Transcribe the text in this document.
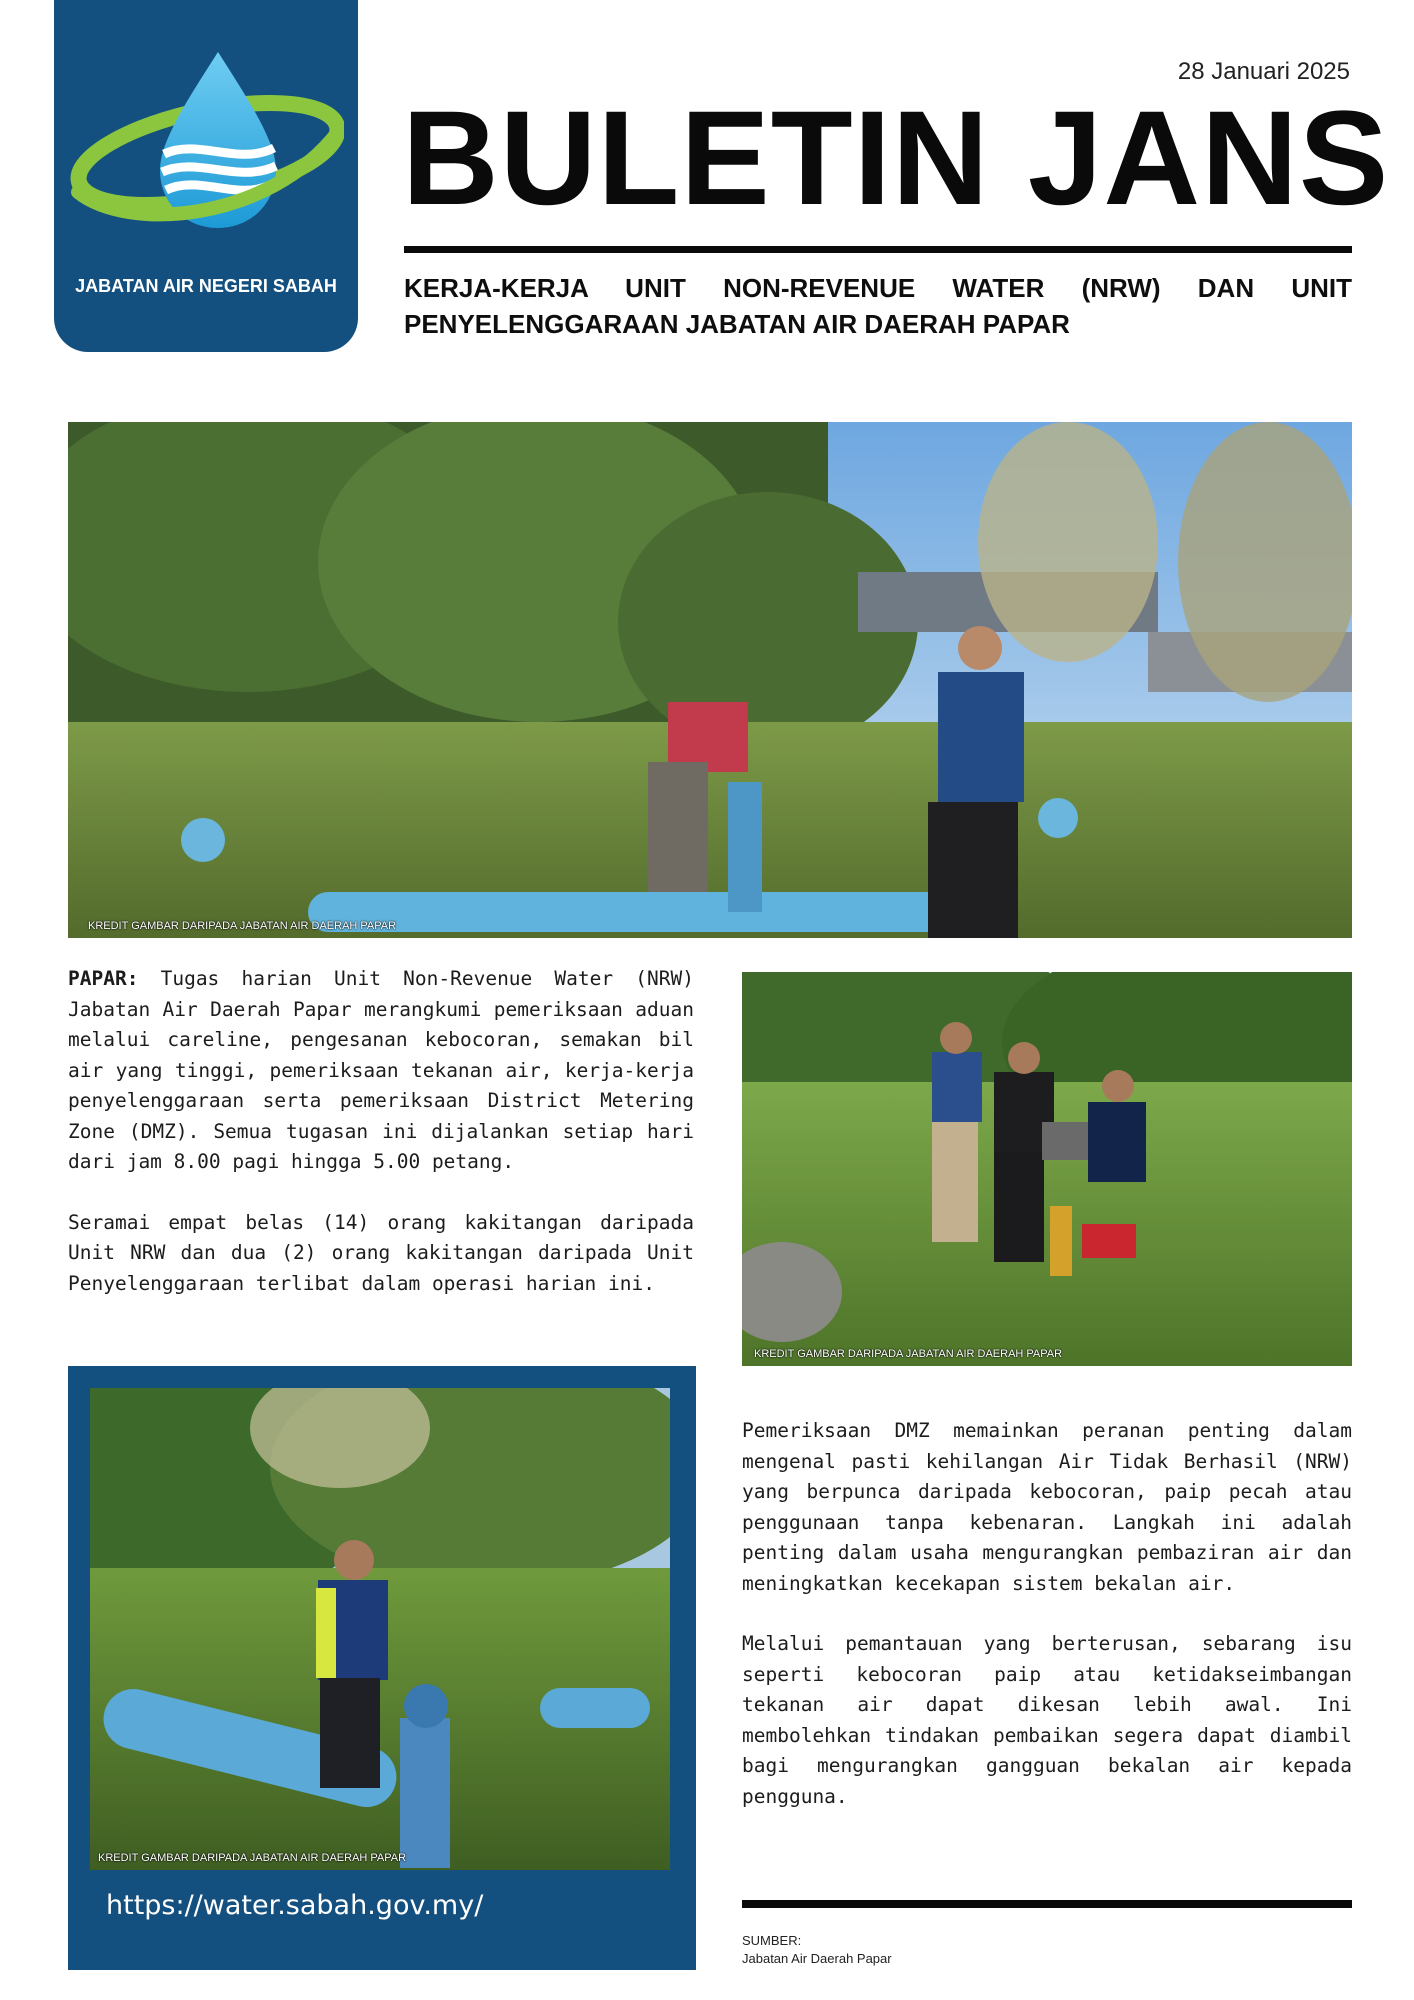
JABATAN AIR NEGERI SABAH
28 Januari 2025
BULETIN JANS
KERJA-KERJA UNIT NON-REVENUE WATER (NRW) DAN UNIT PENYELENGGARAAN JABATAN AIR DAERAH PAPAR
KREDIT GAMBAR DARIPADA JABATAN AIR DAERAH PAPAR

PAPAR: Tugas harian Unit Non-Revenue Water (NRW) Jabatan Air Daerah Papar merangkumi pemeriksaan aduan melalui careline, pengesanan kebocoran, semakan bil air yang tinggi, pemeriksaan tekanan air, kerja-kerja penyelenggaraan serta pemeriksaan District Metering Zone (DMZ). Semua tugasan ini dijalankan setiap hari dari jam 8.00 pagi hingga 5.00 petang.

Seramai empat belas (14) orang kakitangan daripada Unit NRW dan dua (2) orang kakitangan daripada Unit Penyelenggaraan terlibat dalam operasi harian ini.

KREDIT GAMBAR DARIPADA JABATAN AIR DAERAH PAPAR
KREDIT GAMBAR DARIPADA JABATAN AIR DAERAH PAPAR
https://water.sabah.gov.my/

Pemeriksaan DMZ memainkan peranan penting dalam mengenal pasti kehilangan Air Tidak Berhasil (NRW) yang berpunca daripada kebocoran, paip pecah atau penggunaan tanpa kebenaran. Langkah ini adalah penting dalam usaha mengurangkan pembaziran air dan meningkatkan kecekapan sistem bekalan air.

Melalui pemantauan yang berterusan, sebarang isu seperti kebocoran paip atau ketidakseimbangan tekanan air dapat dikesan lebih awal. Ini membolehkan tindakan pembaikan segera dapat diambil bagi mengurangkan gangguan bekalan air kepada pengguna.

SUMBER:
Jabatan Air Daerah Papar
